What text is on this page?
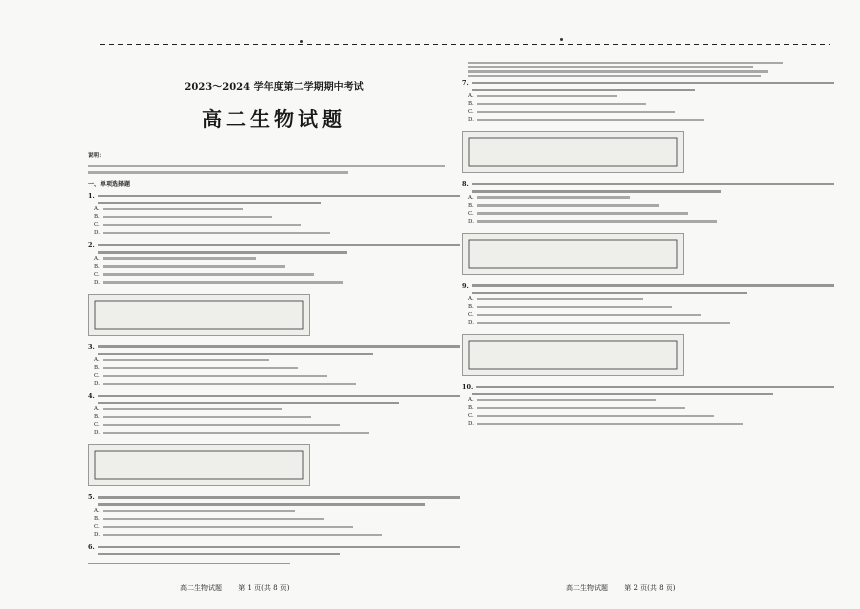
2023～2024 学年度第二学期期中考试
高二生物试题
说明：
一、单项选择题
1.
A.
B.
C.
D.
2.
A.
B.
C.
D.
3.
A.
B.
C.
D.
4.
A.
B.
C.
D.
5.
A.
B.
C.
D.
6.
7.
A.
B.
C.
D.
8.
A.
B.
C.
D.
9.
A.
B.
C.
D.
10.
A.
B.
C.
D.
高二生物试题 第 1 页(共 8 页)	高二生物试题 第 2 页(共 8 页)
